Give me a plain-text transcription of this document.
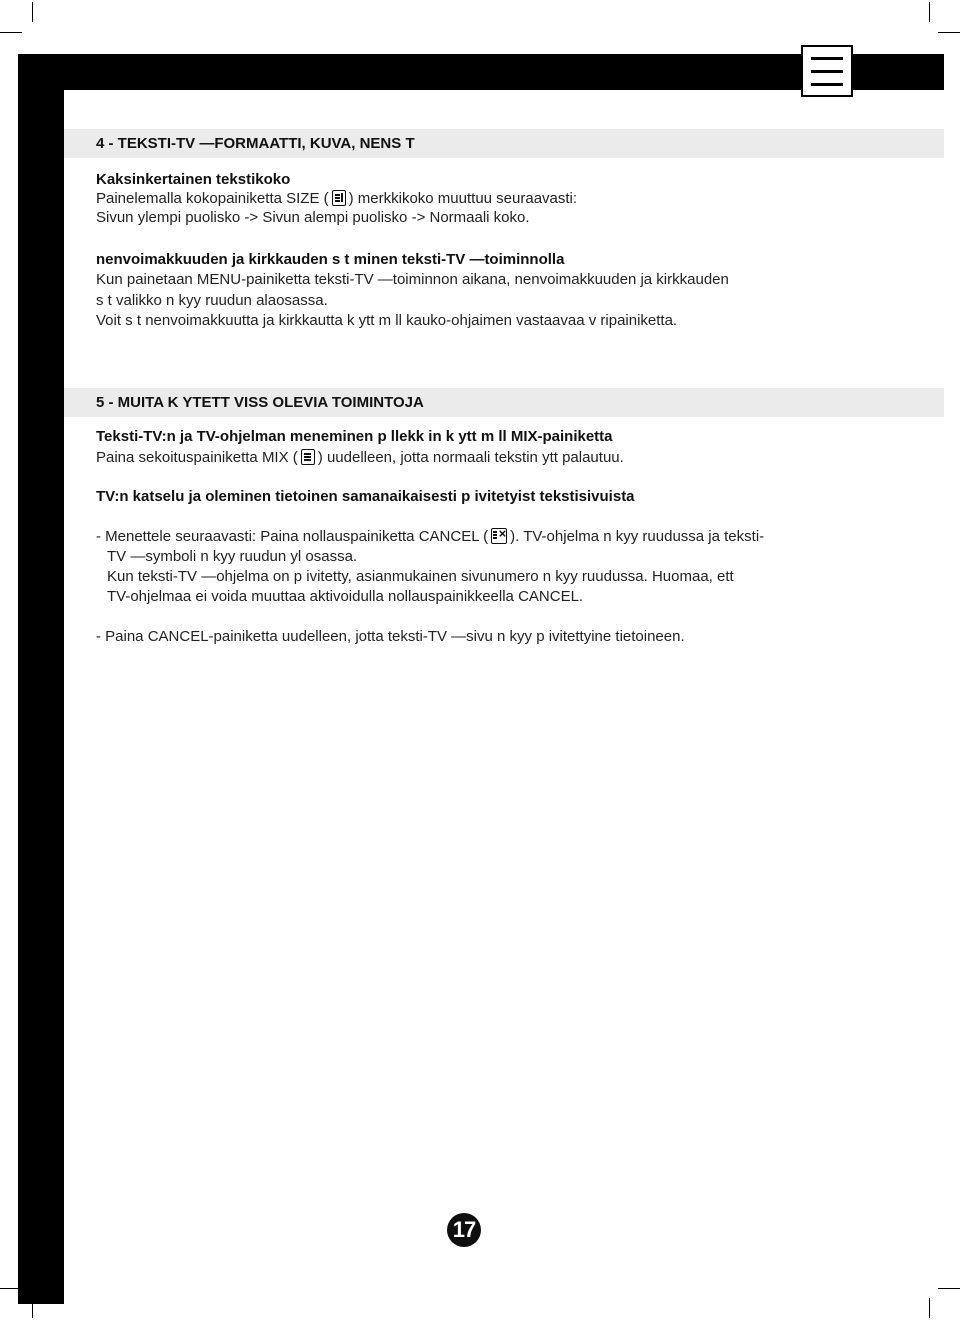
4 - TEKSTI-TV —FORMAATTI, KUVA, NENS T
Kaksinkertainen tekstikoko
Painelemalla kokopainiketta SIZE ( ) merkkikoko muuttuu seuraavasti:
Sivun ylempi puolisko -> Sivun alempi puolisko -> Normaali koko.
nenvoimakkuuden ja kirkkauden s t minen teksti-TV —toiminnolla
Kun painetaan MENU-painiketta teksti-TV —toiminnon aikana, nenvoimakkuuden ja kirkkauden
s t valikko n kyy ruudun alaosassa.
Voit s t nenvoimakkuutta ja kirkkautta k ytt m ll kauko-ohjaimen vastaavaa v ripainiketta.
5 - MUITA K YTETT VISS OLEVIA TOIMINTOJA
Teksti-TV:n ja TV-ohjelman meneminen p llekk in k ytt m ll MIX-painiketta
Paina sekoituspainiketta MIX ( ) uudelleen, jotta normaali tekstin ytt palautuu.
TV:n katselu ja oleminen tietoinen samanaikaisesti p ivitetyist tekstisivuista
- Menettele seuraavasti: Paina nollauspainiketta CANCEL (× ). TV-ohjelma n kyy ruudussa ja teksti-
TV —symboli n kyy ruudun yl osassa.
Kun teksti-TV —ohjelma on p ivitetty, asianmukainen sivunumero n kyy ruudussa. Huomaa, ett
TV-ohjelmaa ei voida muuttaa aktivoidulla nollauspainikkeella CANCEL.
- Paina CANCEL-painiketta uudelleen, jotta teksti-TV —sivu n kyy p ivitettyine tietoineen.
17
